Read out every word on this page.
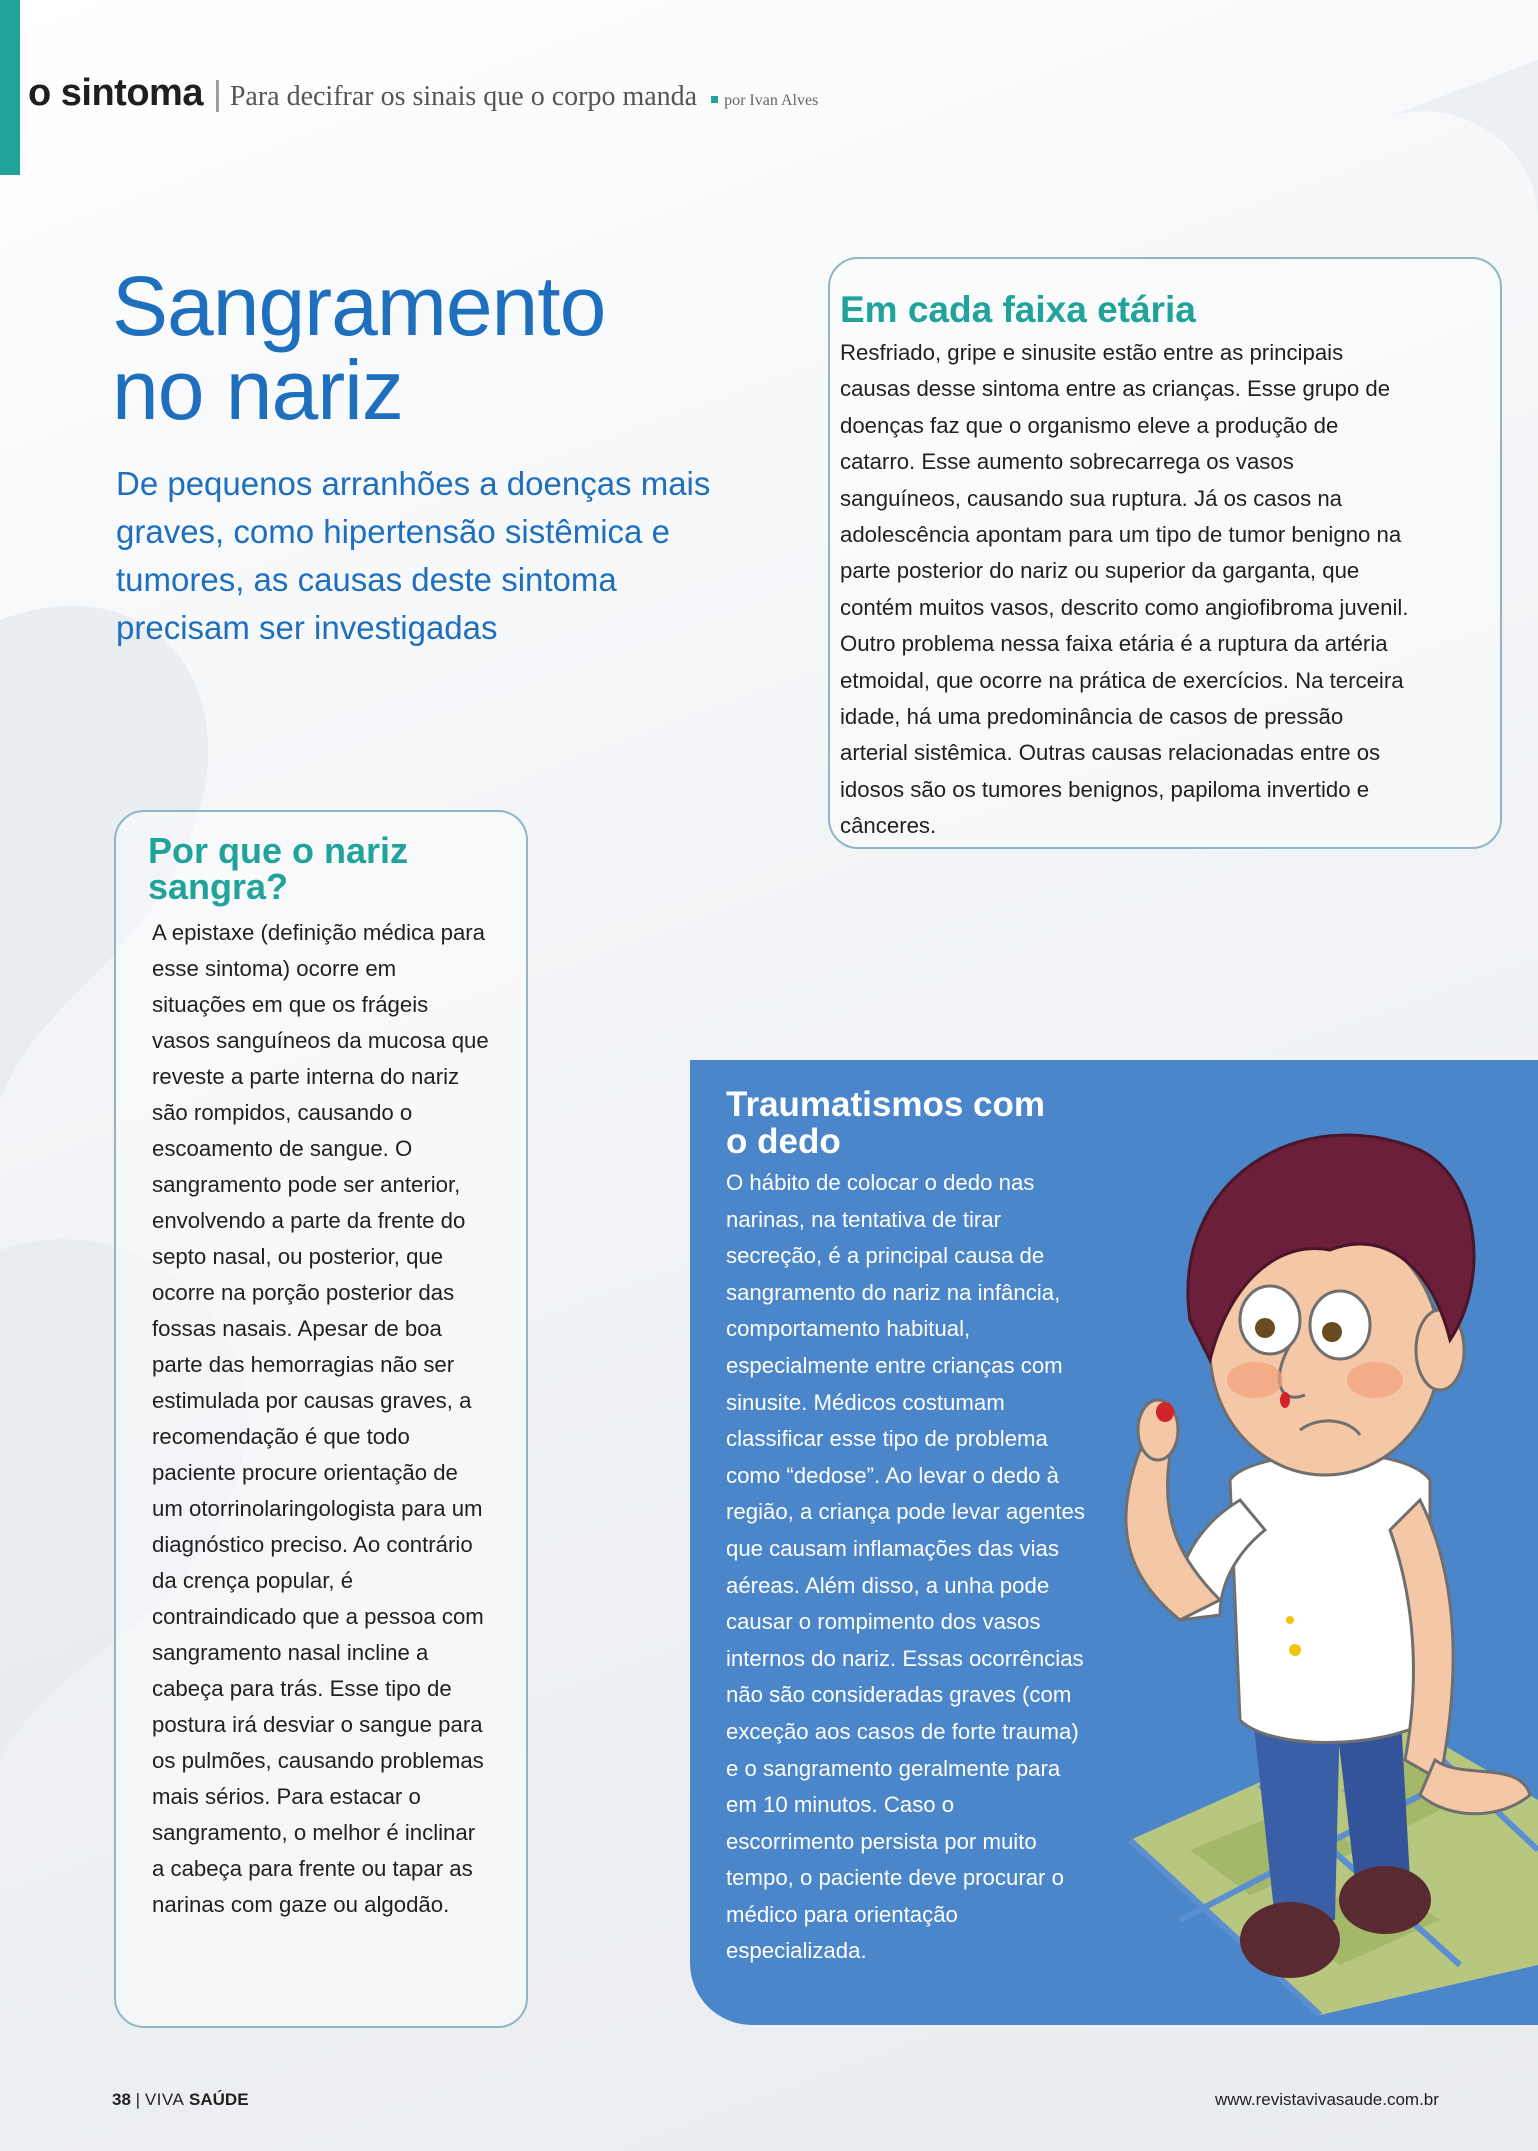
o sintoma | Para decifrar os sinais que o corpo manda por Ivan Alves
Sangramento no nariz

De pequenos arranhões a doenças mais graves, como hipertensão sistêmica e tumores, as causas deste sintoma precisam ser investigadas

Em cada faixa etária

Resfriado, gripe e sinusite estão entre as principais causas desse sintoma entre as crianças. Esse grupo de doenças faz que o organismo eleve a produção de catarro. Esse aumento sobrecarrega os vasos sanguíneos, causando sua ruptura. Já os casos na adolescência apontam para um tipo de tumor benigno na parte posterior do nariz ou superior da garganta, que contém muitos vasos, descrito como angiofibroma juvenil. Outro problema nessa faixa etária é a ruptura da artéria etmoidal, que ocorre na prática de exercícios. Na terceira idade, há uma predominância de casos de pressão arterial sistêmica. Outras causas relacionadas entre os idosos são os tumores benignos, papiloma invertido e cânceres.

Por que o nariz sangra?

A epistaxe (definição médica para esse sintoma) ocorre em situações em que os frágeis vasos sanguíneos da mucosa que reveste a parte interna do nariz são rompidos, causando o escoamento de sangue. O sangramento pode ser anterior, envolvendo a parte da frente do septo nasal, ou posterior, que ocorre na porção posterior das fossas nasais. Apesar de boa parte das hemorragias não ser estimulada por causas graves, a recomendação é que todo paciente procure orientação de um otorrinolaringologista para um diagnóstico preciso. Ao contrário da crença popular, é contraindicado que a pessoa com sangramento nasal incline a cabeça para trás. Esse tipo de postura irá desviar o sangue para os pulmões, causando problemas mais sérios. Para estacar o sangramento, o melhor é inclinar a cabeça para frente ou tapar as narinas com gaze ou algodão.

Traumatismos com o dedo

O hábito de colocar o dedo nas narinas, na tentativa de tirar secreção, é a principal causa de sangramento do nariz na infância, comportamento habitual, especialmente entre crianças com sinusite. Médicos costumam classificar esse tipo de problema como “dedose”. Ao levar o dedo à região, a criança pode levar agentes que causam inflamações das vias aéreas. Além disso, a unha pode causar o rompimento dos vasos internos do nariz. Essas ocorrências não são consideradas graves (com exceção aos casos de forte trauma) e o sangramento geralmente para em 10 minutos. Caso o escorrimento persista por muito tempo, o paciente deve procurar o médico para orientação especializada.

38 | VIVA SAÚDE	www.revistavivasaude.com.br
